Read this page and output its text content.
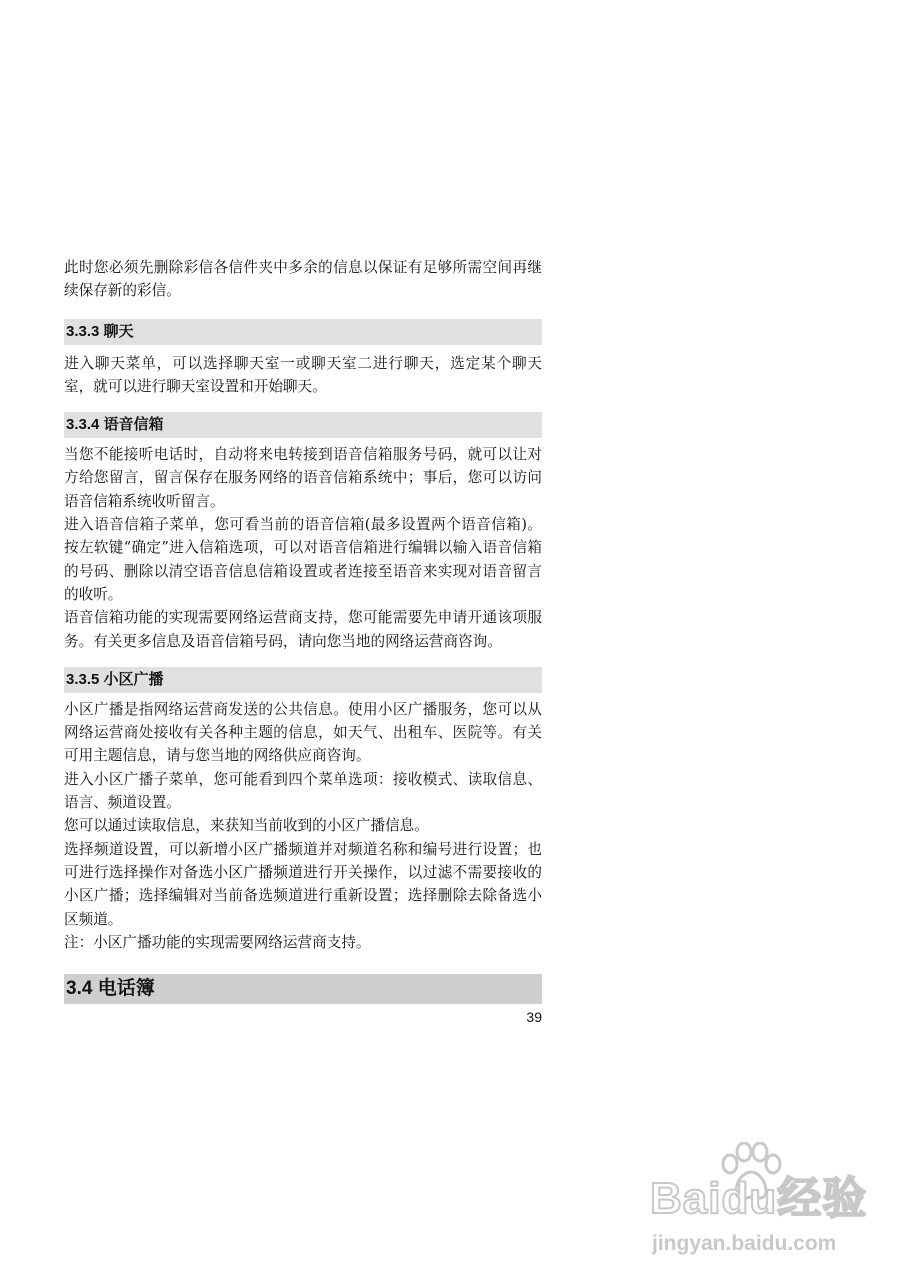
此时您必须先删除彩信各信件夹中多余的信息以保证有足够所需空间再继续保存新的彩信。

3.3.3 聊天

进入聊天菜单，可以选择聊天室一或聊天室二进行聊天，选定某个聊天室，就可以进行聊天室设置和开始聊天。

3.3.4 语音信箱

当您不能接听电话时，自动将来电转接到语音信箱服务号码，就可以让对方给您留言，留言保存在服务网络的语音信箱系统中；事后，您可以访问语音信箱系统收听留言。

进入语音信箱子菜单，您可看当前的语音信箱(最多设置两个语音信箱)。按左软键“确定”进入信箱选项，可以对语音信箱进行编辑以输入语音信箱的号码、删除以清空语音信息信箱设置或者连接至语音来实现对语音留言的收听。

语音信箱功能的实现需要网络运营商支持，您可能需要先申请开通该项服务。有关更多信息及语音信箱号码，请向您当地的网络运营商咨询。

3.3.5 小区广播

小区广播是指网络运营商发送的公共信息。使用小区广播服务，您可以从网络运营商处接收有关各种主题的信息，如天气、出租车、医院等。有关可用主题信息，请与您当地的网络供应商咨询。

进入小区广播子菜单，您可能看到四个菜单选项：接收模式、读取信息、语言、频道设置。

您可以通过读取信息，来获知当前收到的小区广播信息。

选择频道设置，可以新增小区广播频道并对频道名称和编号进行设置；也可进行选择操作对备选小区广播频道进行开关操作，以过滤不需要接收的小区广播；选择编辑对当前备选频道进行重新设置；选择删除去除备选小区频道。

注：小区广播功能的实现需要网络运营商支持。

3.4 电话簿
39
Baidu经验
jingyan.baidu.com
